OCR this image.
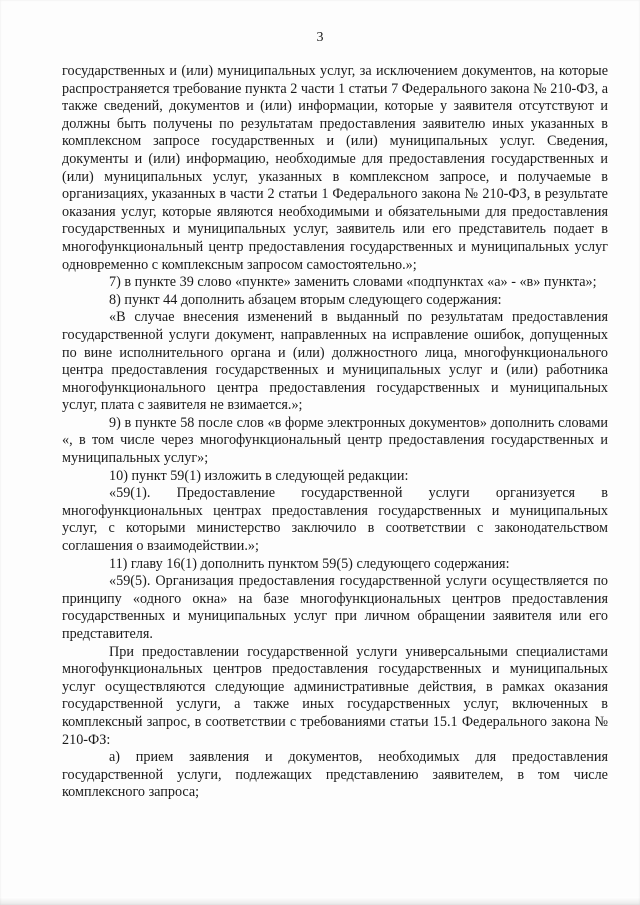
3

государственных и (или) муниципальных услуг, за исключением документов, на которые распространяется требование пункта 2 части 1 статьи 7 Федерального закона № 210-ФЗ, а также сведений, документов и (или) информации, которые у заявителя отсутствуют и должны быть получены по результатам предоставления заявителю иных указанных в комплексном запросе государственных и (или) муниципальных услуг. Сведения, документы и (или) информацию, необходимые для предоставления государственных и (или) муниципальных услуг, указанных в комплексном запросе, и получаемые в организациях, указанных в части 2 статьи 1 Федерального закона № 210-ФЗ, в результате оказания услуг, которые являются необходимыми и обязательными для предоставления государственных и муниципальных услуг, заявитель или его представитель подает в многофункциональный центр предоставления государственных и муниципальных услуг одновременно с комплексным запросом самостоятельно.»;

7) в пункте 39 слово «пункте» заменить словами «подпунктах «а» - «в» пункта»;

8) пункт 44 дополнить абзацем вторым следующего содержания:

«В случае внесения изменений в выданный по результатам предоставления государственной услуги документ, направленных на исправление ошибок, допущенных по вине исполнительного органа и (или) должностного лица, многофункционального центра предоставления государственных и муниципальных услуг и (или) работника многофункционального центра предоставления государственных и муниципальных услуг, плата с заявителя не взимается.»;

9) в пункте 58 после слов «в форме электронных документов» дополнить словами «, в том числе через многофункциональный центр предоставления государственных и муниципальных услуг»;

10) пункт 59(1) изложить в следующей редакции:

«59(1). Предоставление государственной услуги организуется в многофункциональных центрах предоставления государственных и муниципальных услуг, с которыми министерство заключило в соответствии с законодательством соглашения о взаимодействии.»;

11) главу 16(1) дополнить пунктом 59(5) следующего содержания:

«59(5). Организация предоставления государственной услуги осуществляется по принципу «одного окна» на базе многофункциональных центров предоставления государственных и муниципальных услуг при личном обращении заявителя или его представителя.

При предоставлении государственной услуги универсальными специалистами многофункциональных центров предоставления государственных и муниципальных услуг осуществляются следующие административные действия, в рамках оказания государственной услуги, а также иных государственных услуг, включенных в комплексный запрос, в соответствии с требованиями статьи 15.1 Федерального закона № 210-ФЗ:

а) прием заявления и документов, необходимых для предоставления государственной услуги, подлежащих представлению заявителем, в том числе комплексного запроса;
